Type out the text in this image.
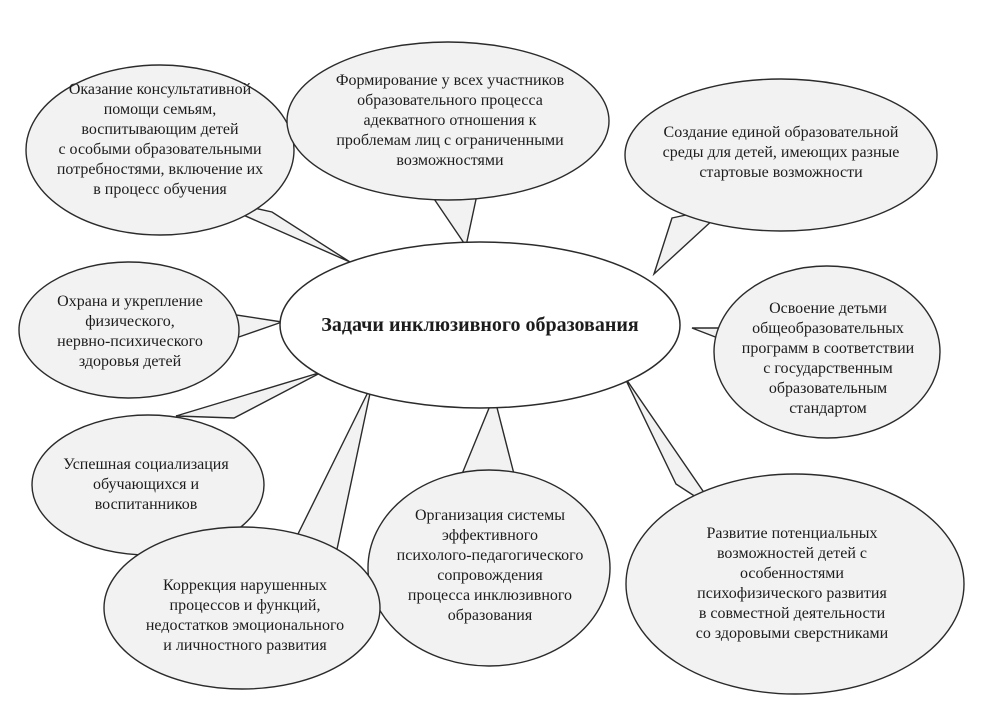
Задачи инклюзивного образования
Оказание консультативной
помощи семьям,
воспитывающим детей
с особыми образовательными
потребностями, включение их
в процесс обучения
Формирование у всех участников
образовательного процесса
адекватного отношения к
проблемам лиц с ограниченными
возможностями
Создание единой образовательной
среды для детей, имеющих разные
стартовые возможности
Охрана и укрепление
физического,
нервно-психического
здоровья детей
Освоение детьми
общеобразовательных
программ в соответствии
с государственным
образовательным
стандартом
Успешная социализация
обучающихся и
воспитанников
Организация системы
эффективного
психолого-педагогического
сопровождения
процесса инклюзивного
образования
Развитие потенциальных
возможностей детей с
особенностями
психофизического развития
в совместной деятельности
со здоровыми сверстниками
Коррекция нарушенных
процессов и функций,
недостатков эмоционального
и личностного развития
